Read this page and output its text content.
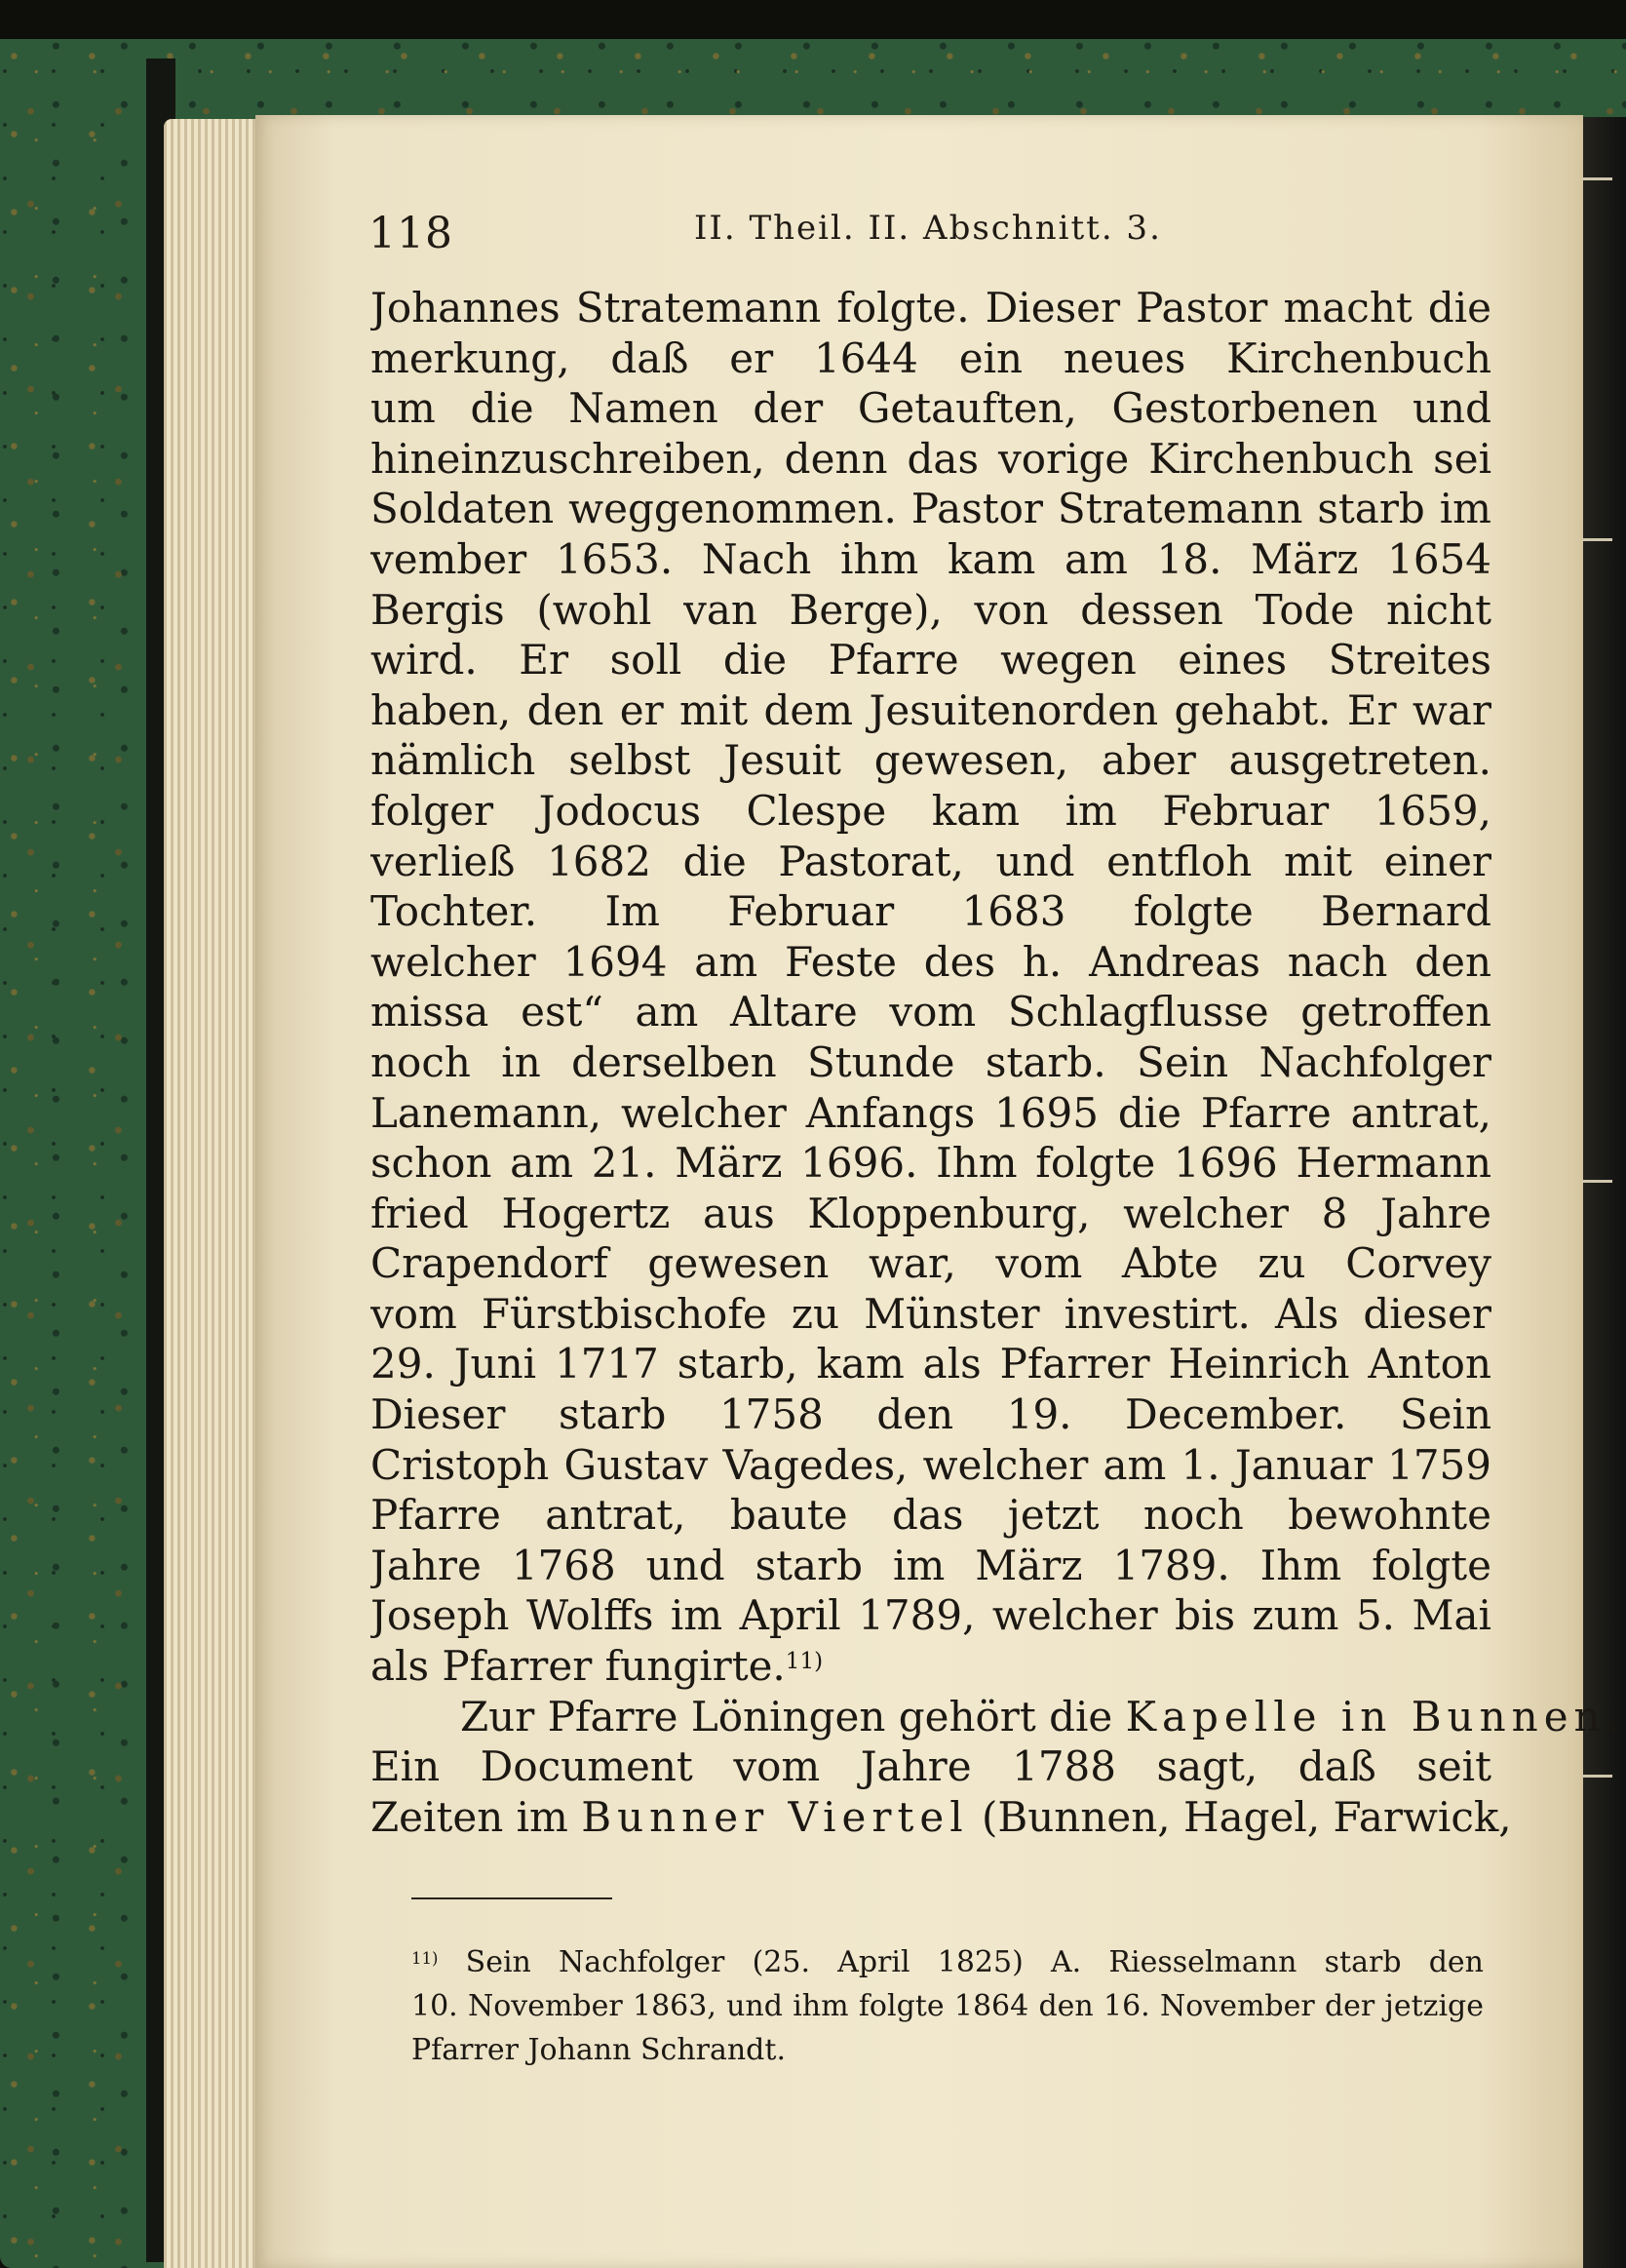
118	II. Theil. II. Abschnitt. 3.
Johannes Stratemann folgte. Dieser Pastor macht die
merkung, daß er 1644 ein neues Kirchenbuch
um die Namen der Getauften, Gestorbenen und
hineinzuschreiben, denn das vorige Kirchenbuch sei
Soldaten weggenommen. Pastor Stratemann starb im
vember 1653. Nach ihm kam am 18. März 1654
Bergis (wohl van Berge), von dessen Tode nicht
wird. Er soll die Pfarre wegen eines Streites
haben, den er mit dem Jesuitenorden gehabt. Er war
nämlich selbst Jesuit gewesen, aber ausgetreten.
folger Jodocus Clespe kam im Februar 1659,
verließ 1682 die Pastorat, und entfloh mit einer
Tochter. Im Februar 1683 folgte Bernard
welcher 1694 am Feste des h. Andreas nach den
missa est“ am Altare vom Schlagflusse getroffen
noch in derselben Stunde starb. Sein Nachfolger
Lanemann, welcher Anfangs 1695 die Pfarre antrat,
schon am 21. März 1696. Ihm folgte 1696 Hermann
fried Hogertz aus Kloppenburg, welcher 8 Jahre
Crapendorf gewesen war, vom Abte zu Corvey
vom Fürstbischofe zu Münster investirt. Als dieser
29. Juni 1717 starb, kam als Pfarrer Heinrich Anton
Dieser starb 1758 den 19. December. Sein
Cristoph Gustav Vagedes, welcher am 1. Januar 1759
Pfarre antrat, baute das jetzt noch bewohnte
Jahre 1768 und starb im März 1789. Ihm folgte
Joseph Wolffs im April 1789, welcher bis zum 5. Mai
als Pfarrer fungirte.$^{11)}$
Zur Pfarre Löningen gehört die Kapelle in Bunnen.
Ein Document vom Jahre 1788 sagt, daß seit
Zeiten im Bunner Viertel (Bunnen, Hagel, Farwick,
$^{11)}$ Sein Nachfolger (25. April 1825) A. Riesselmann starb den
10. November 1863, und ihm folgte 1864 den 16. November der jetzige
Pfarrer Johann Schrandt.
